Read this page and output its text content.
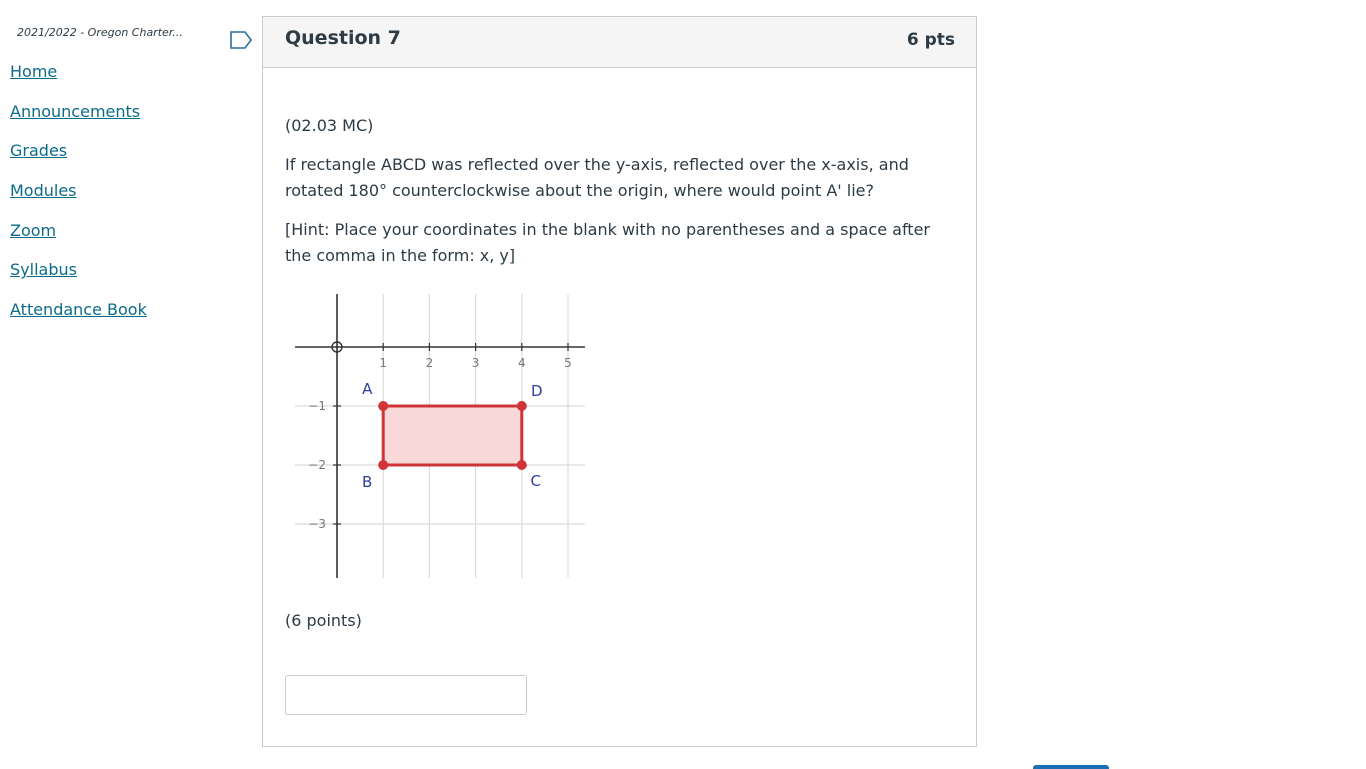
2021/2022 - Oregon Charter...
Home
Announcements
Grades
Modules
Zoom
Syllabus
Attendance Book
Question 7	6 pts

(02.03 MC)

If rectangle ABCD was reflected over the y-axis, reflected over the x-axis, and rotated 180° counterclockwise about the origin, where would point A' lie?

[Hint: Place your coordinates in the blank with no parentheses and a space after the comma in the form: x, y]

1	2	3	4	5
−1
−2
−3
A
B	C
D
(6 points)
